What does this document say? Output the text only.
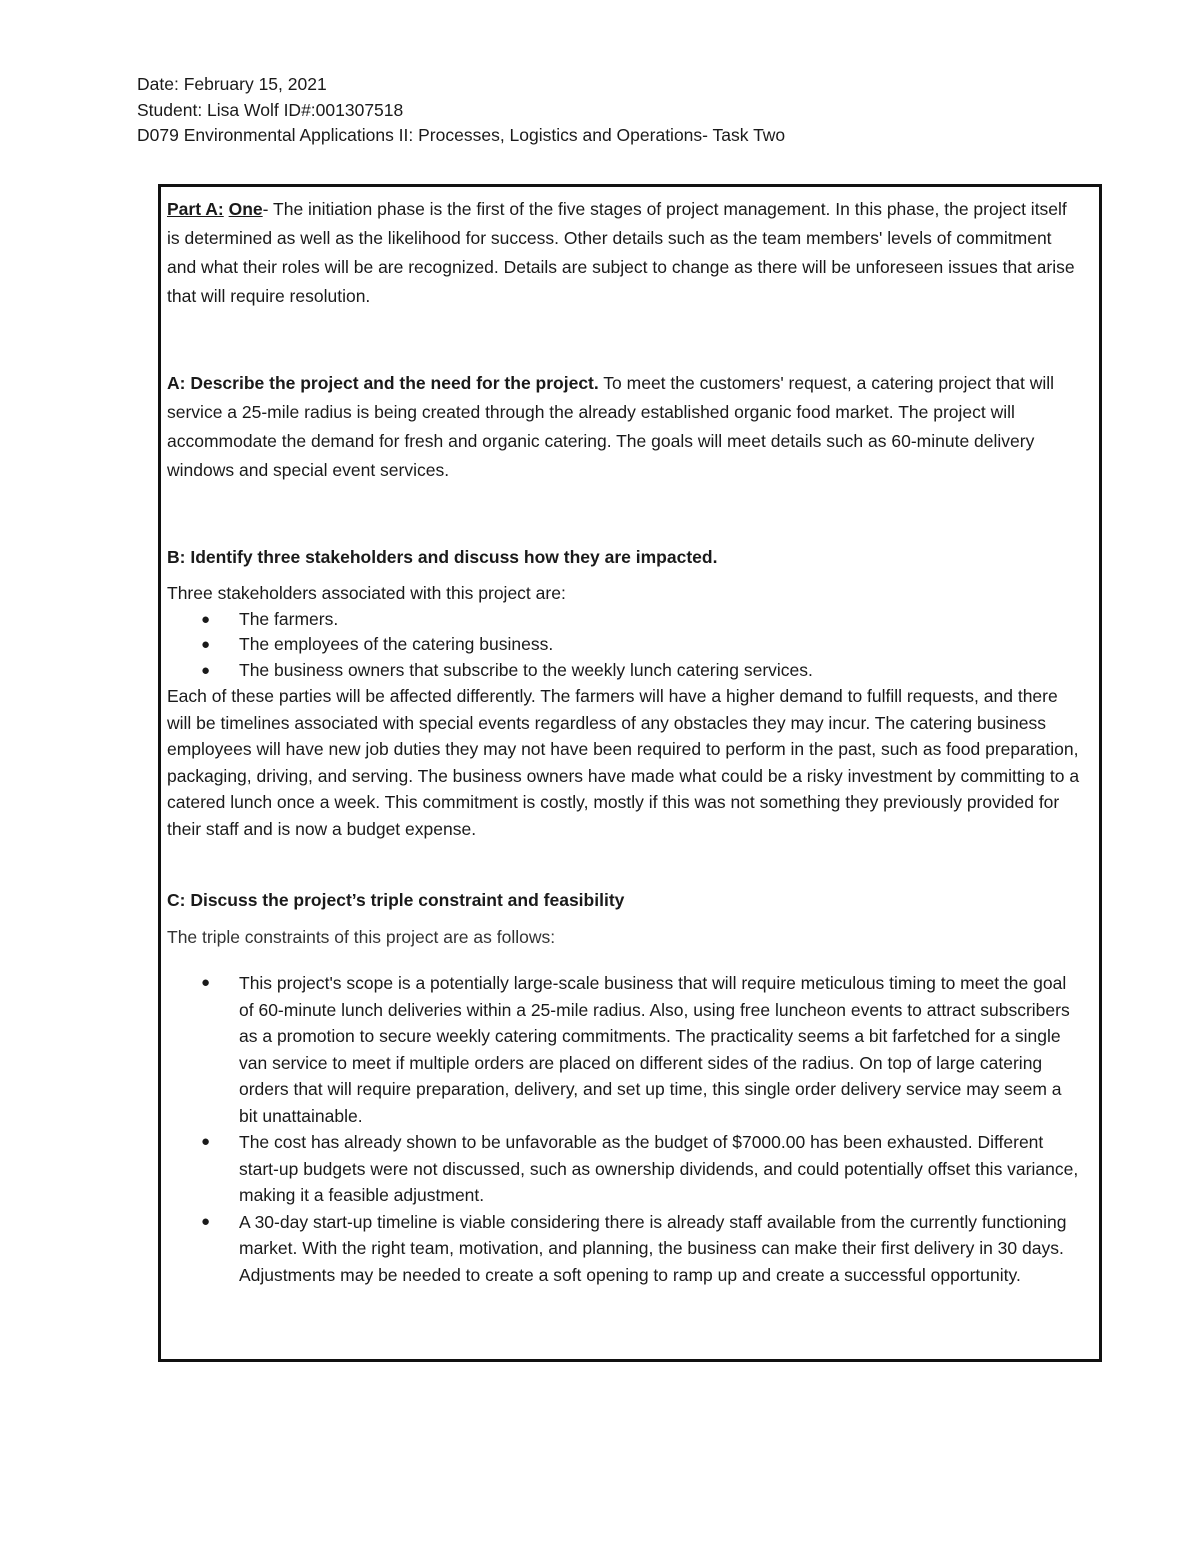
Date: February 15, 2021
Student: Lisa Wolf ID#:001307518
D079 Environmental Applications II: Processes, Logistics and Operations- Task Two

Part A: One- The initiation phase is the first of the five stages of project management. In this phase, the project itself is determined as well as the likelihood for success. Other details such as the team members' levels of commitment and what their roles will be are recognized. Details are subject to change as there will be unforeseen issues that arise that will require resolution.

A: Describe the project and the need for the project. To meet the customers' request, a catering project that will service a 25-mile radius is being created through the already established organic food market. The project will accommodate the demand for fresh and organic catering. The goals will meet details such as 60-minute delivery windows and special event services.

B: Identify three stakeholders and discuss how they are impacted.

Three stakeholders associated with this project are:

● The farmers.
● The employees of the catering business.
● The business owners that subscribe to the weekly lunch catering services.

Each of these parties will be affected differently. The farmers will have a higher demand to fulfill requests, and there will be timelines associated with special events regardless of any obstacles they may incur. The catering business employees will have new job duties they may not have been required to perform in the past, such as food preparation, packaging, driving, and serving. The business owners have made what could be a risky investment by committing to a catered lunch once a week. This commitment is costly, mostly if this was not something they previously provided for their staff and is now a budget expense.

C: Discuss the project’s triple constraint and feasibility

The triple constraints of this project are as follows:

● This project's scope is a potentially large-scale business that will require meticulous timing to meet the goal of 60-minute lunch deliveries within a 25-mile radius. Also, using free luncheon events to attract subscribers as a promotion to secure weekly catering commitments. The practicality seems a bit farfetched for a single van service to meet if multiple orders are placed on different sides of the radius. On top of large catering orders that will require preparation, delivery, and set up time, this single order delivery service may seem a bit unattainable.
● The cost has already shown to be unfavorable as the budget of $7000.00 has been exhausted. Different start-up budgets were not discussed, such as ownership dividends, and could potentially offset this variance, making it a feasible adjustment.
● A 30-day start-up timeline is viable considering there is already staff available from the currently functioning market. With the right team, motivation, and planning, the business can make their first delivery in 30 days. Adjustments may be needed to create a soft opening to ramp up and create a successful opportunity.
